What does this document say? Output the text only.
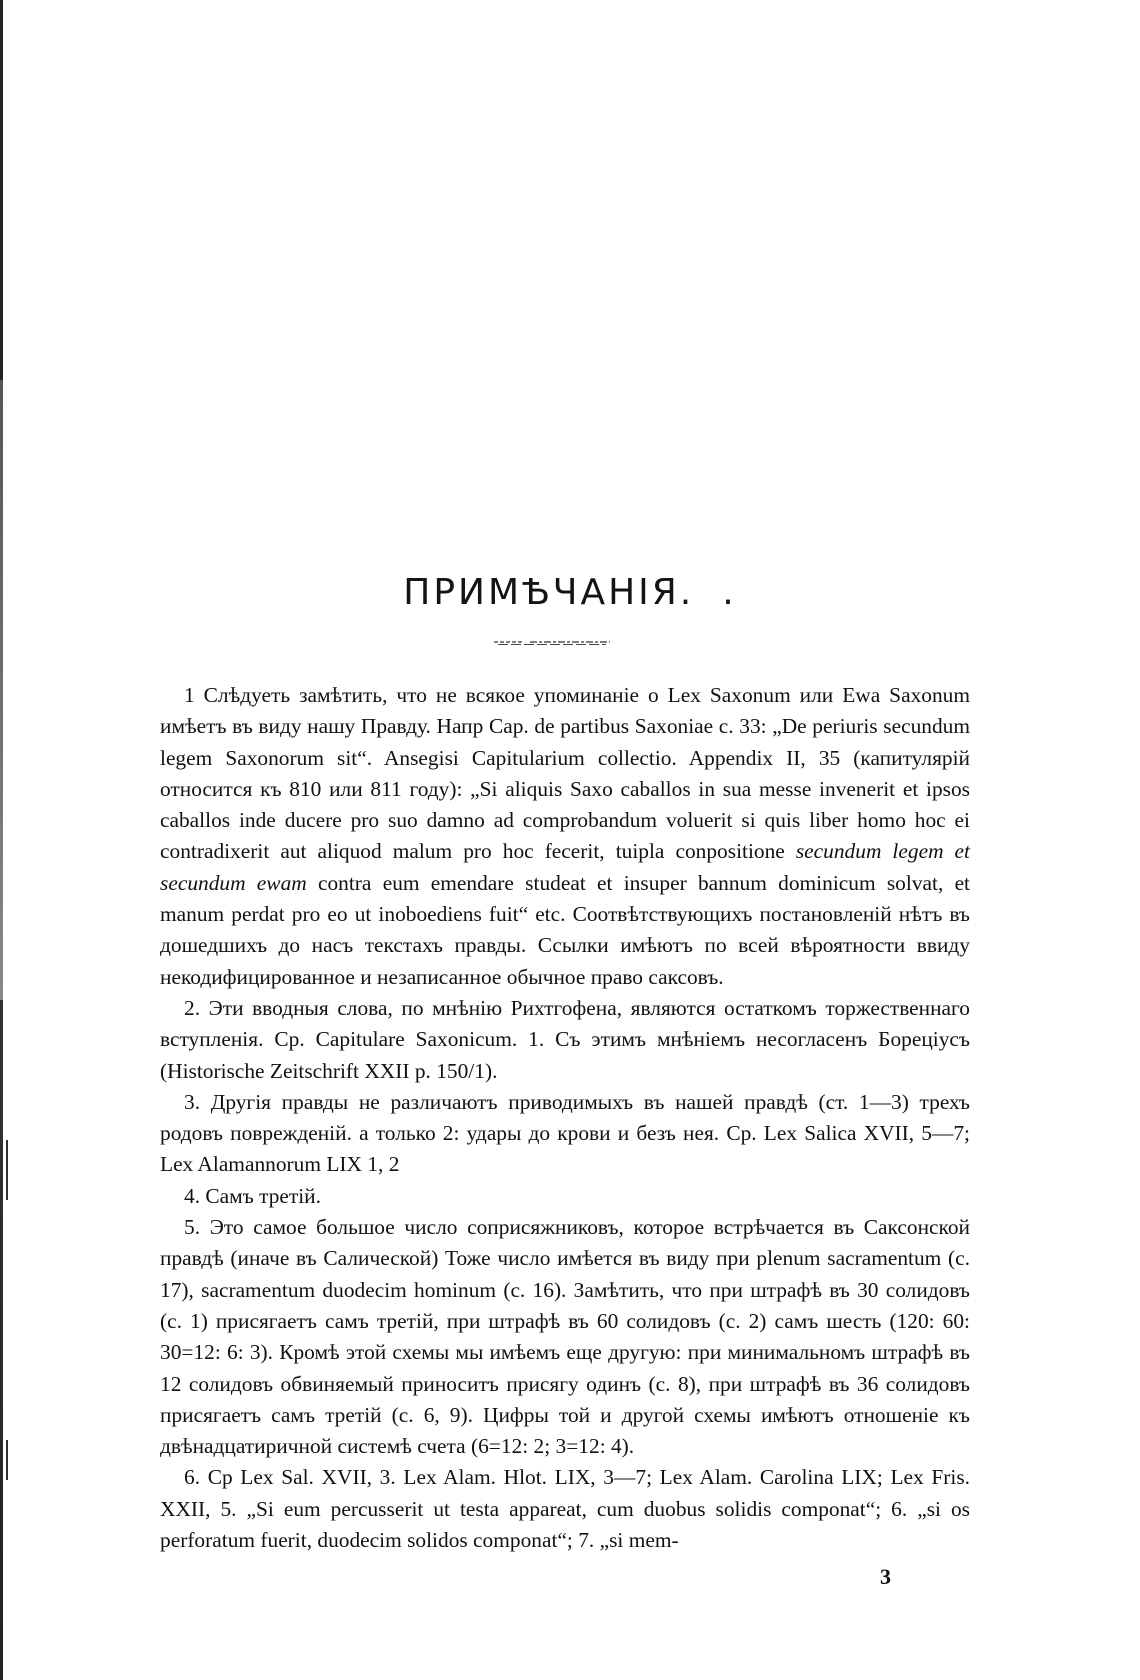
ПРИМѢЧАНІЯ. .

1 Слѣдуеть замѣтить, что не всякое упоминаніе о Lex Saxonum или Ewa Saxonum имѣетъ въ виду нашу Правду. Напр Cap. de partibus Saxoniae c. 33: „De periuris secundum legem Saxonorum sit“. Ansegisi Capitularium collectio. Appendix II, 35 (капитулярій относится къ 810 или 811 году): „Si aliquis Saxo caballos in sua messe invenerit et ipsos caballos inde ducere pro suo damno ad comprobandum voluerit si quis liber homo hoc ei contradixerit aut aliquod malum pro hoc fecerit, tuipla conpositione secundum legem et secundum ewam contra eum emendare studeat et insuper bannum dominicum solvat, et manum perdat pro eo ut inoboediens fuit“ etc. Соотвѣтствующихъ постановленій нѣтъ въ дошедшихъ до насъ текстахъ правды. Ссылки имѣютъ по всей вѣроятности ввиду некодифицированное и незаписанное обычное право саксовъ.

2. Эти вводныя слова, по мнѣнію Рихтгофена, являются остаткомъ торжественнаго вступленія. Ср. Capitulare Saxonicum. 1. Съ этимъ мнѣніемъ несогласенъ Борецiусъ (Historische Zeitschrift XXII p. 150/1).

3. Другія правды не различаютъ приводимыхъ въ нашей правдѣ (ст. 1—3) трехъ родовъ поврежденій. а только 2: удары до крови и безъ нея. Ср. Lex Salica XVII, 5—7; Lex Alamannorum LIX 1, 2

4. Самъ третій.

5. Это самое большое число сoприсяжниковъ, которое встрѣчается въ Саксонской правдѣ (иначе въ Салической) Тоже число имѣется въ виду при plenum sacramentum (c. 17), sacramentum duodecim hominum (c. 16). Замѣтить, что при штрафѣ въ 30 солидовъ (c. 1) присягаетъ самъ третій, при штрафѣ въ 60 солидовъ (c. 2) самъ шесть (120: 60: 30=12: 6: 3). Кромѣ этой схемы мы имѣемъ еще другую: при минимальномъ штрафѣ въ 12 солидовъ обвиняемый приноситъ присягу одинъ (c. 8), при штрафѣ въ 36 солидовъ присягаетъ самъ третій (c. 6, 9). Цифры той и другой схемы имѣютъ отношеніе къ двѣнадцатиричной системѣ счета (6=12: 2; 3=12: 4).

6. Ср Lex Sal. XVII, 3. Lex Alam. Hlot. LIX, 3—7; Lex Alam. Carolina LIX; Lex Fris. XXII, 5. „Si eum percusserit ut testa appareat, cum duobus solidis componat“; 6. „si os perforatum fuerit, duodecim solidos componat“; 7. „si mem-

3
